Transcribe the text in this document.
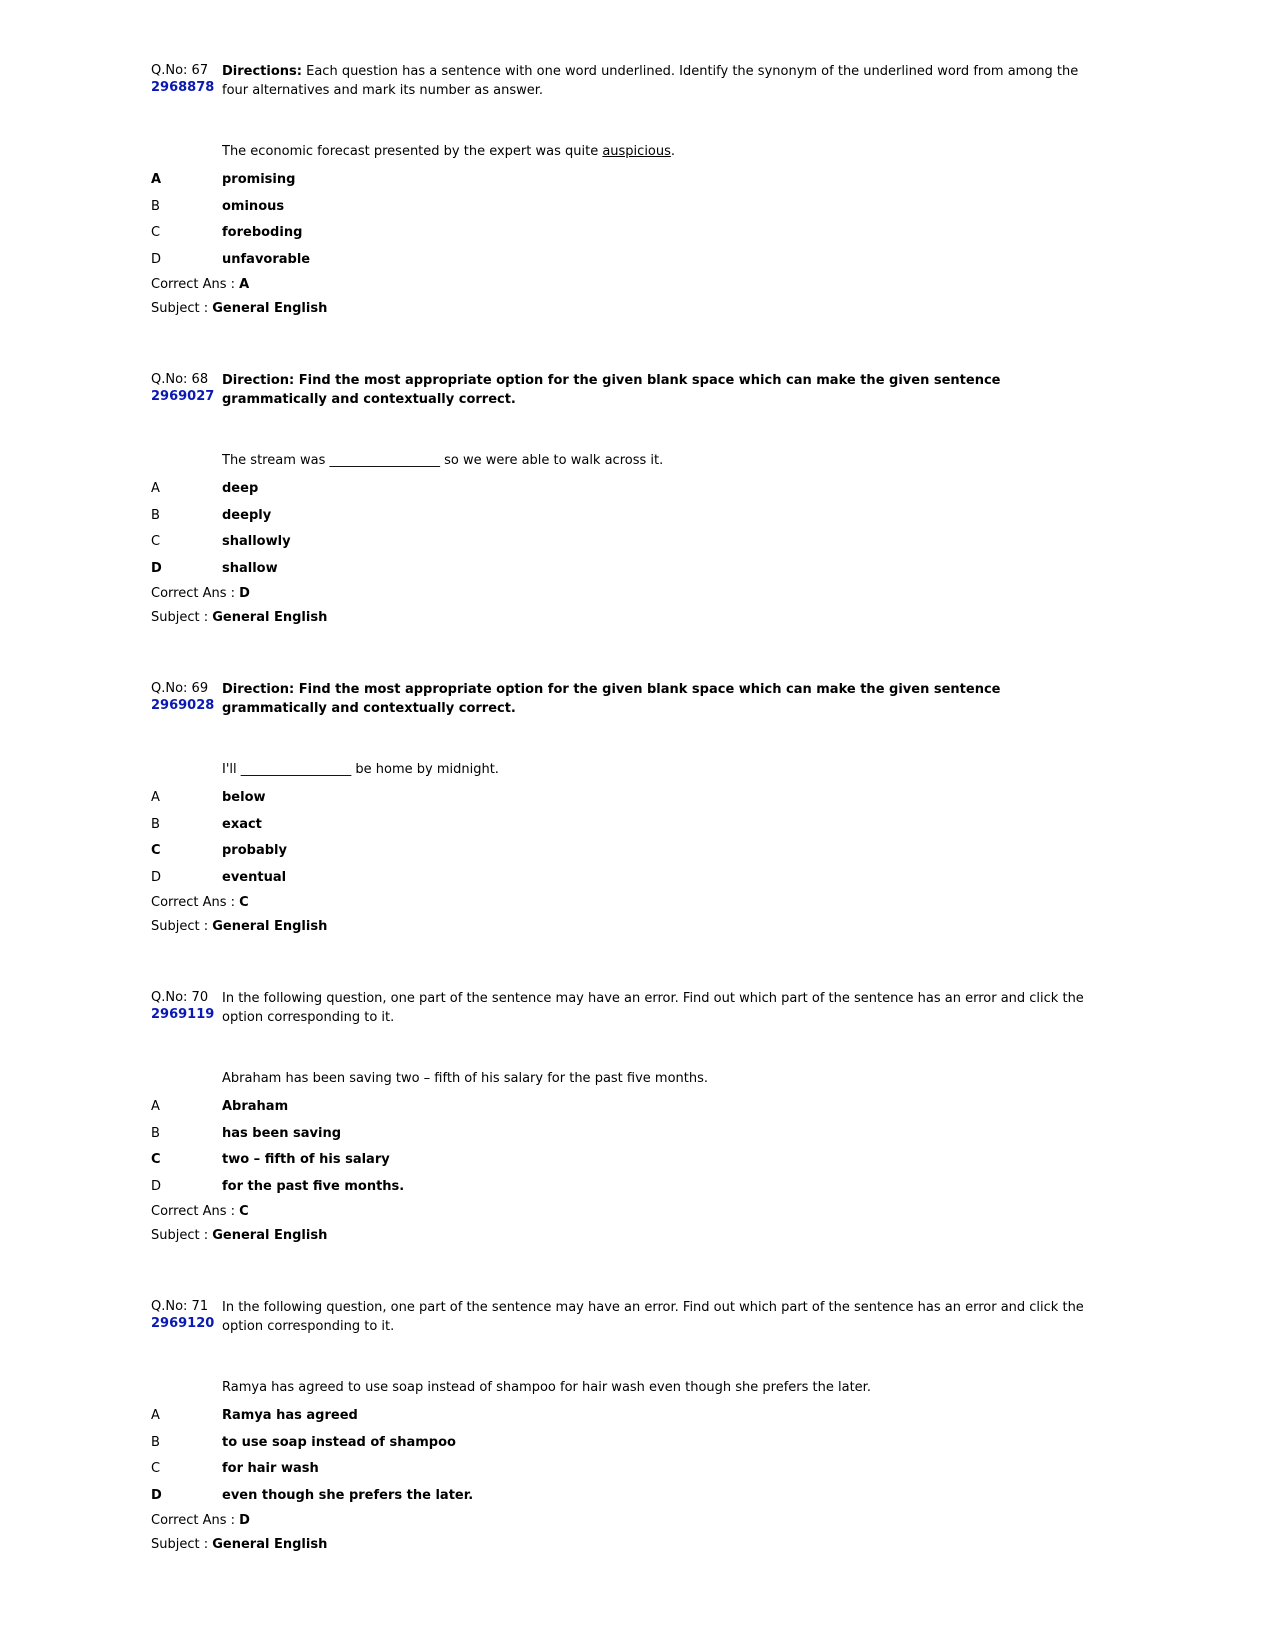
Q.No: 67
2968878
Directions: Each question has a sentence with one word underlined. Identify the synonym of the underlined word from among the four alternatives and mark its number as answer.
The economic forecast presented by the expert was quite auspicious.
A	promising
B	ominous
C	foreboding
D	unfavorable
Correct Ans : A
Subject : General English
Q.No: 68
2969027
Direction: Find the most appropriate option for the given blank space which can make the given sentence grammatically and contextually correct.
The stream was _________________ so we were able to walk across it.
A	deep
B	deeply
C	shallowly
D	shallow
Correct Ans : D
Subject : General English
Q.No: 69
2969028
Direction: Find the most appropriate option for the given blank space which can make the given sentence grammatically and contextually correct.
I'll _________________ be home by midnight.
A	below
B	exact
C	probably
D	eventual
Correct Ans : C
Subject : General English
Q.No: 70
2969119
In the following question, one part of the sentence may have an error. Find out which part of the sentence has an error and click the option corresponding to it.
Abraham has been saving two – fifth of his salary for the past five months.
A	Abraham
B	has been saving
C	two – fifth of his salary
D	for the past five months.
Correct Ans : C
Subject : General English
Q.No: 71
2969120
In the following question, one part of the sentence may have an error. Find out which part of the sentence has an error and click the option corresponding to it.
Ramya has agreed to use soap instead of shampoo for hair wash even though she prefers the later.
A	Ramya has agreed
B	to use soap instead of shampoo
C	for hair wash
D	even though she prefers the later.
Correct Ans : D
Subject : General English
